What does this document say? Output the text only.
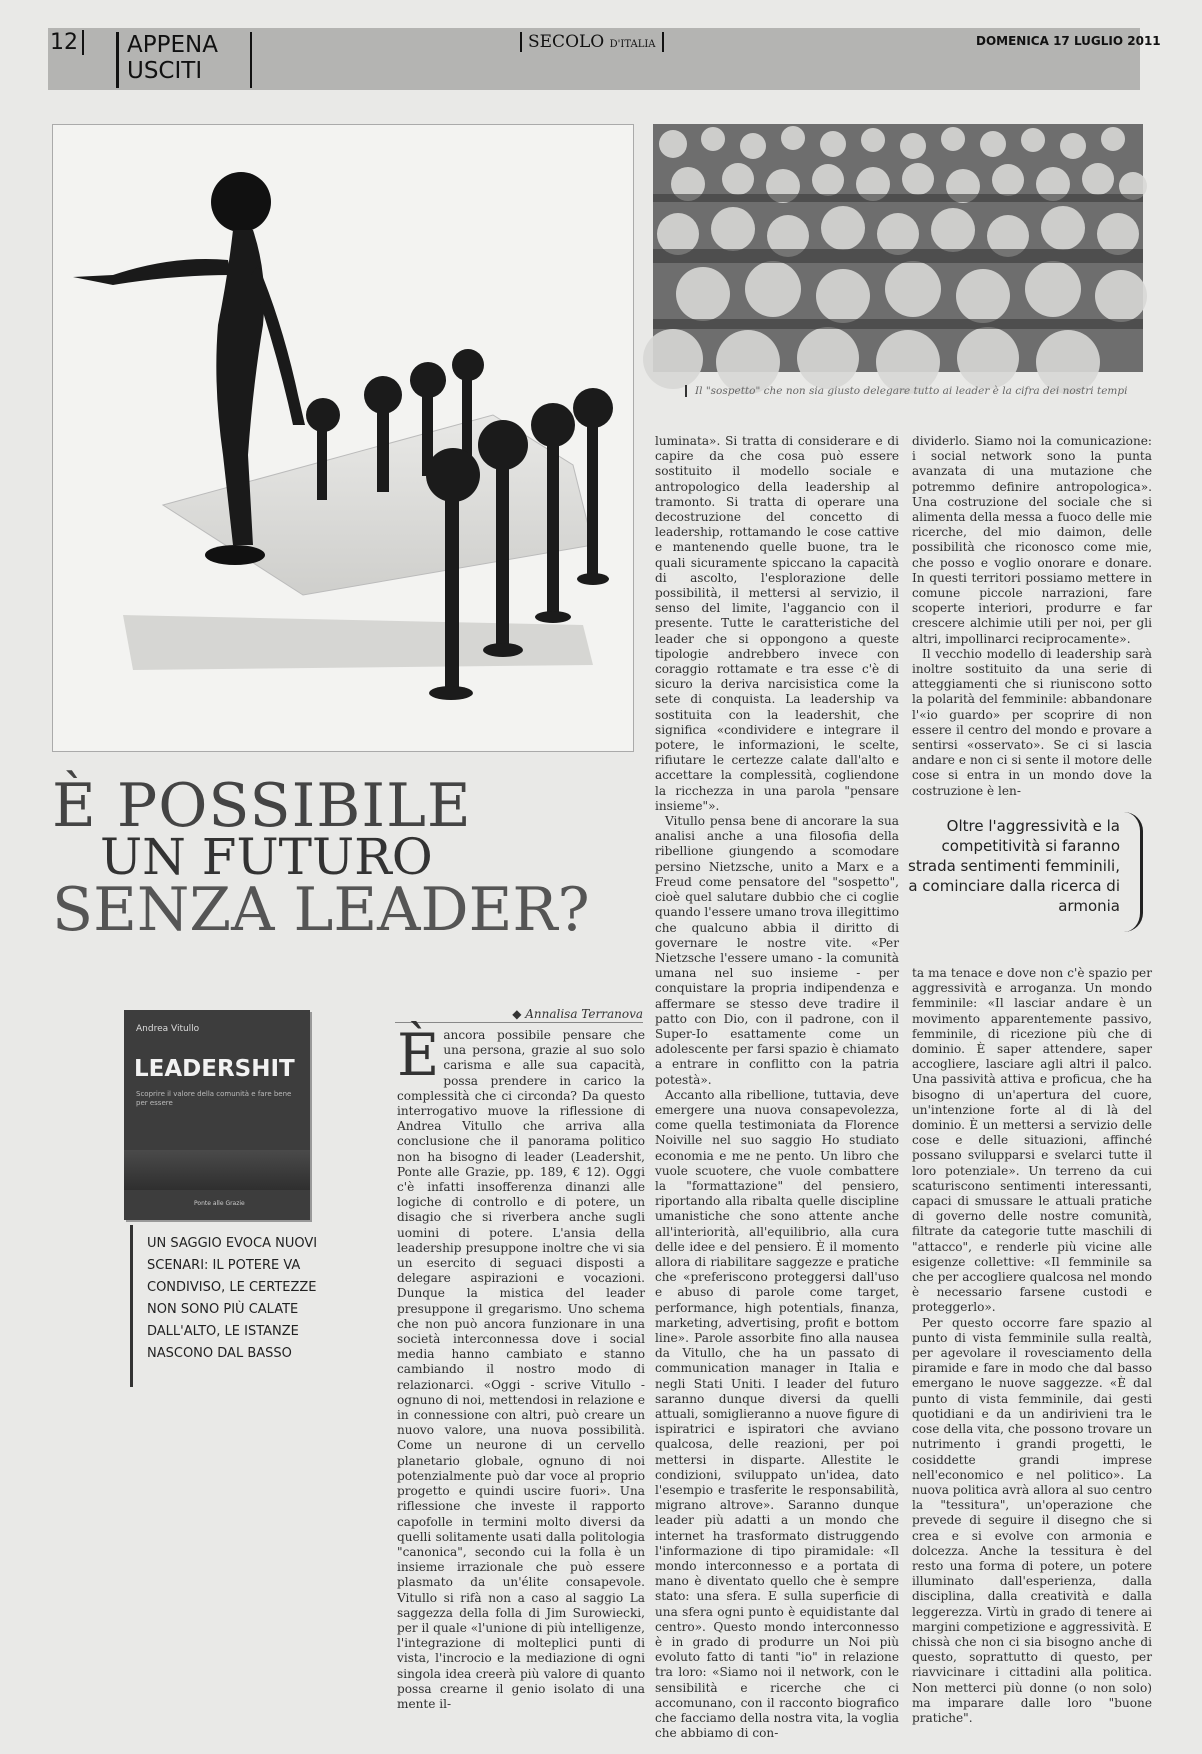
12 APPENA
USCITI
SECOLO D'ITALIA	DOMENICA 17 LUGLIO 2011
Il "sospetto" che non sia giusto delegare tutto ai leader è la cifra dei nostri tempi
È POSSIBILE
UN FUTURO
SENZA LEADER?
Andrea Vitullo
LEADERSHIT
Scoprire il valore della comunità e fare bene per essere
Ponte alle Grazie
UN SAGGIO EVOCA NUOVI SCENARI: IL POTERE VA CONDIVISO, LE CERTEZZE NON SONO PIÙ CALATE DALL'ALTO, LE ISTANZE NASCONO DAL BASSO
◆ Annalisa Terranova
È ancora possibile pensare che una persona, grazie al suo solo carisma e alle sua capacità, possa prendere in carico la complessità che ci circonda? Da questo interrogativo muove la riflessione di Andrea Vitullo che arriva alla conclusione che il panorama politico non ha bisogno di leader (Leadershit, Ponte alle Grazie, pp. 189, € 12). Oggi c'è infatti insofferenza dinanzi alle logiche di controllo e di potere, un disagio che si riverbera anche sugli uomini di potere. L'ansia della leadership presuppone inoltre che vi sia un esercito di seguaci disposti a delegare aspirazioni e vocazioni. Dunque la mistica del leader presuppone il gregarismo. Uno schema che non può ancora funzionare in una società interconnessa dove i social media hanno cambiato e stanno cambiando il nostro modo di relazionarci. «Oggi - scrive Vitullo - ognuno di noi, mettendosi in relazione e in connessione con altri, può creare un nuovo valore, una nuova possibilità. Come un neurone di un cervello planetario globale, ognuno di noi potenzialmente può dar voce al proprio progetto e quindi uscire fuori». Una riflessione che investe il rapporto capofolle in termini molto diversi da quelli solitamente usati dalla politologia "canonica", secondo cui la folla è un insieme irrazionale che può essere plasmato da un'élite consapevole. Vitullo si rifà non a caso al saggio La saggezza della folla di Jim Surowiecki, per il quale «l'unione di più intelligenze, l'integrazione di molteplici punti di vista, l'incrocio e la mediazione di ogni singola idea creerà più valore di quanto possa crearne il genio isolato di una mente il-

luminata». Si tratta di considerare e di capire da che cosa può essere sostituito il modello sociale e antropologico della leadership al tramonto. Si tratta di operare una decostruzione del concetto di leadership, rottamando le cose cattive e mantenendo quelle buone, tra le quali sicuramente spiccano la capacità di ascolto, l'esplorazione delle possibilità, il mettersi al servizio, il senso del limite, l'aggancio con il presente. Tutte le caratteristiche del leader che si oppongono a queste tipologie andrebbero invece con coraggio rottamate e tra esse c'è di sicuro la deriva narcisistica come la sete di conquista. La leadership va sostituita con la leadershit, che significa «condividere e integrare il potere, le informazioni, le scelte, rifiutare le certezze calate dall'alto e accettare la complessità, cogliendone la ricchezza in una parola "pensare insieme"».

Vitullo pensa bene di ancorare la sua analisi anche a una filosofia della ribellione giungendo a scomodare persino Nietzsche, unito a Marx e a Freud come pensatore del "sospetto", cioè quel salutare dubbio che ci coglie quando l'essere umano trova illegittimo che qualcuno abbia il diritto di governare le nostre vite. «Per Nietzsche l'essere umano - la comunità umana nel suo insieme - per conquistare la propria indipendenza e affermare se stesso deve tradire il patto con Dio, con il padrone, con il Super-Io esattamente come un adolescente per farsi spazio è chiamato a entrare in conflitto con la patria potestà».

Accanto alla ribellione, tuttavia, deve emergere una nuova consapevolezza, come quella testimoniata da Florence Noiville nel suo saggio Ho studiato economia e me ne pento. Un libro che vuole scuotere, che vuole combattere la "formattazione" del pensiero, riportando alla ribalta quelle discipline umanistiche che sono attente anche all'interiorità, all'equilibrio, alla cura delle idee e del pensiero. È il momento allora di riabilitare saggezze e pratiche che «preferiscono proteggersi dall'uso e abuso di parole come target, performance, high potentials, finanza, marketing, advertising, profit e bottom line». Parole assorbite fino alla nausea da Vitullo, che ha un passato di communication manager in Italia e negli Stati Uniti. I leader del futuro saranno dunque diversi da quelli attuali, somiglieranno a nuove figure di ispiratrici e ispiratori che avviano qualcosa, delle reazioni, per poi mettersi in disparte. Allestite le condizioni, sviluppato un'idea, dato l'esempio e trasferite le responsabilità, migrano altrove». Saranno dunque leader più adatti a un mondo che internet ha trasformato distruggendo l'informazione di tipo piramidale: «Il mondo interconnesso e a portata di mano è diventato quello che è sempre stato: una sfera. E sulla superficie di una sfera ogni punto è equidistante dal centro». Questo mondo interconnesso è in grado di produrre un Noi più evoluto fatto di tanti "io" in relazione tra loro: «Siamo noi il network, con le sensibilità e ricerche che ci accomunano, con il racconto biografico che facciamo della nostra vita, la voglia che abbiamo di con-

dividerlo. Siamo noi la comunicazione: i social network sono la punta avanzata di una mutazione che potremmo definire antropologica». Una costruzione del sociale che si alimenta della messa a fuoco delle mie ricerche, del mio daimon, delle possibilità che riconosco come mie, che posso e voglio onorare e donare. In questi territori possiamo mettere in comune piccole narrazioni, fare scoperte interiori, produrre e far crescere alchimie utili per noi, per gli altri, impollinarci reciprocamente».

Il vecchio modello di leadership sarà inoltre sostituito da una serie di atteggiamenti che si riuniscono sotto la polarità del femminile: abbandonare l'«io guardo» per scoprire di non essere il centro del mondo e provare a sentirsi «osservato». Se ci si lascia andare e non ci si sente il motore delle cose si entra in un mondo dove la costruzione è len-

Oltre l'aggressività e la competitività si faranno strada sentimenti femminili, a cominciare dalla ricerca di armonia

ta ma tenace e dove non c'è spazio per aggressività e arroganza. Un mondo femminile: «Il lasciar andare è un movimento apparentemente passivo, femminile, di ricezione più che di dominio. È saper attendere, saper accogliere, lasciare agli altri il palco. Una passività attiva e proficua, che ha bisogno di un'apertura del cuore, un'intenzione forte al di là del dominio. È un mettersi a servizio delle cose e delle situazioni, affinché possano svilupparsi e svelarci tutte il loro potenziale». Un terreno da cui scaturiscono sentimenti interessanti, capaci di smussare le attuali pratiche di governo delle nostre comunità, filtrate da categorie tutte maschili di "attacco", e renderle più vicine alle esigenze collettive: «Il femminile sa che per accogliere qualcosa nel mondo è necessario farsene custodi e proteggerlo».

Per questo occorre fare spazio al punto di vista femminile sulla realtà, per agevolare il rovesciamento della piramide e fare in modo che dal basso emergano le nuove saggezze. «È dal punto di vista femminile, dai gesti quotidiani e da un andirivieni tra le cose della vita, che possono trovare un nutrimento i grandi progetti, le cosiddette grandi imprese nell'economico e nel politico». La nuova politica avrà allora al suo centro la "tessitura", un'operazione che prevede di seguire il disegno che si crea e si evolve con armonia e dolcezza. Anche la tessitura è del resto una forma di potere, un potere illuminato dall'esperienza, dalla disciplina, dalla creatività e dalla leggerezza. Virtù in grado di tenere ai margini competizione e aggressività. E chissà che non ci sia bisogno anche di questo, soprattutto di questo, per riavvicinare i cittadini alla politica. Non metterci più donne (o non solo) ma imparare dalle loro "buone pratiche".
